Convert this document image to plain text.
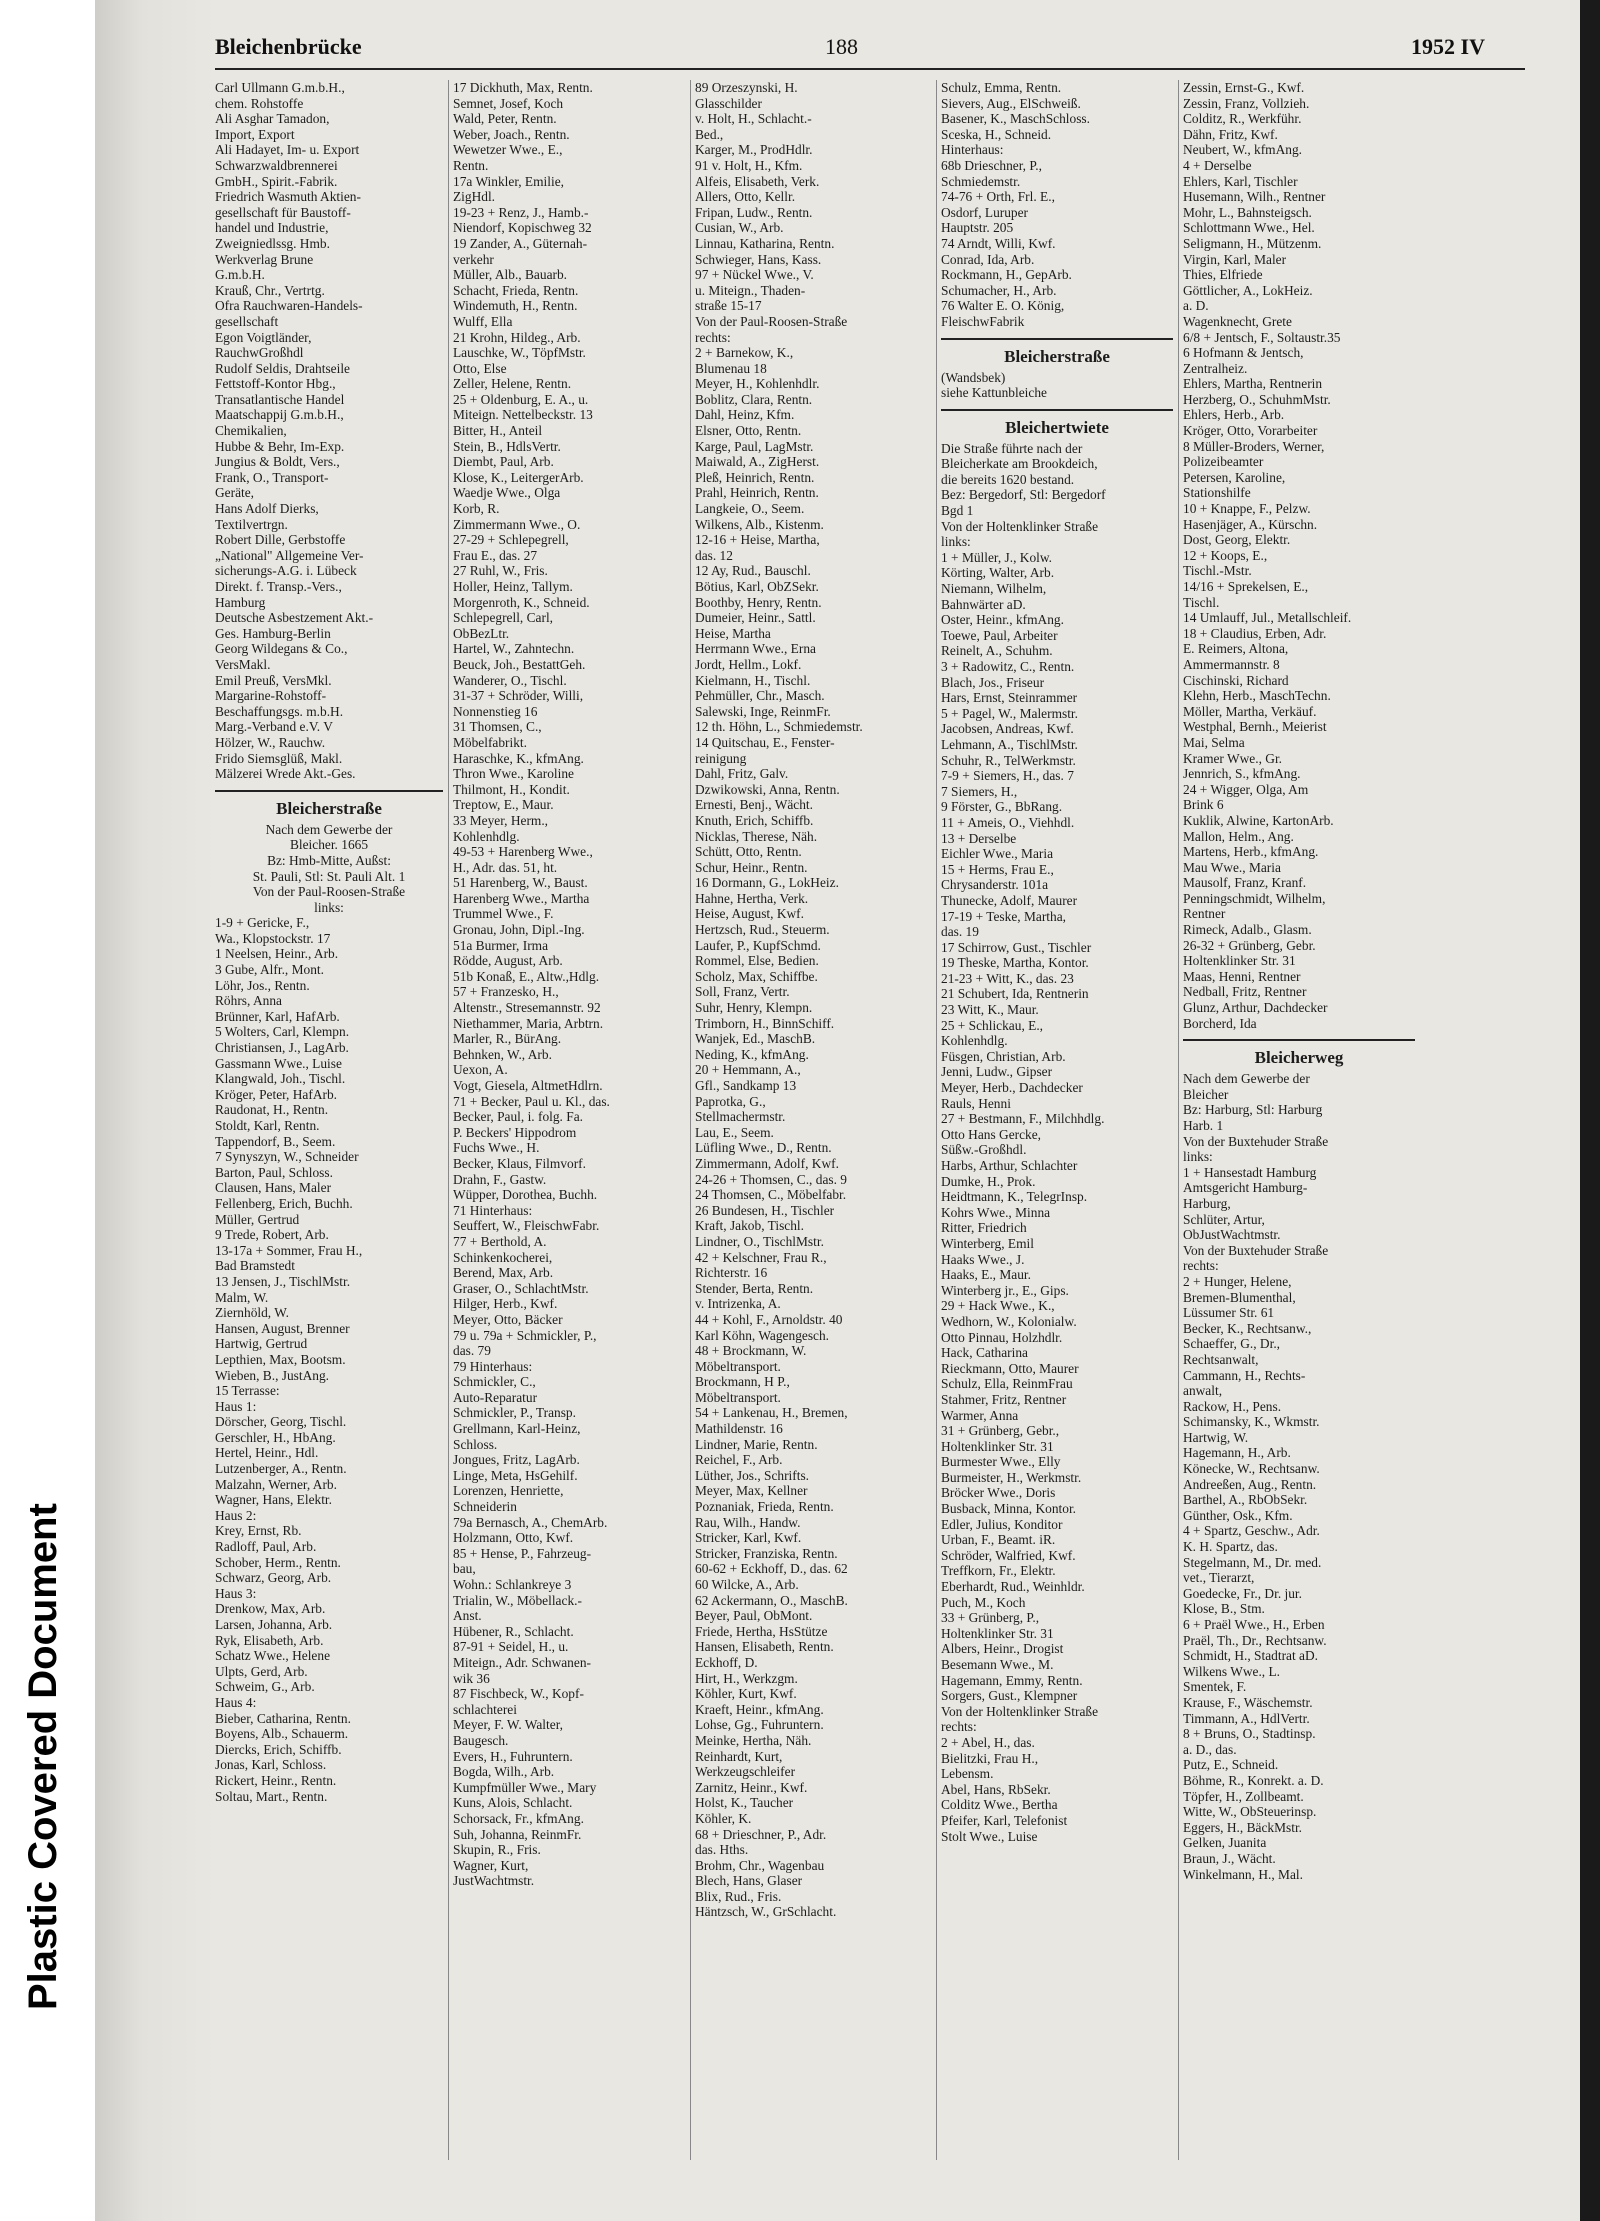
Plastic Covered Document
Bleichenbrücke	188	1952 IV
Carl Ullmann G.m.b.H.,
chem. Rohstoffe
Ali Asghar Tamadon,
Import, Export
Ali Hadayet, Im- u. Export
Schwarzwaldbrennerei
GmbH., Spirit.-Fabrik.
Friedrich Wasmuth Aktien-
gesellschaft für Baustoff-
handel und Industrie,
Zweigniedlssg. Hmb.
Werkverlag Brune
G.m.b.H.
Krauß, Chr., Vertrtg.
Ofra Rauchwaren-Handels-
gesellschaft
Egon Voigtländer,
RauchwGroßhdl
Rudolf Seldis, Drahtseile
Fettstoff-Kontor Hbg.,
Transatlantische Handel
Maatschappij G.m.b.H.,
Chemikalien,
Hubbe & Behr, Im-Exp.
Jungius & Boldt, Vers.,
Frank, O., Transport-
Geräte,
Hans Adolf Dierks,
Textilvertrgn.
Robert Dille, Gerbstoffe
„National" Allgemeine Ver-
sicherungs-A.G. i. Lübeck
Direkt. f. Transp.-Vers.,
Hamburg
Deutsche Asbestzement Akt.-
Ges. Hamburg-Berlin
Georg Wildegans & Co.,
VersMakl.
Emil Preuß, VersMkl.
Margarine-Rohstoff-
Beschaffungsgs. m.b.H.
Marg.-Verband e.V. V
Hölzer, W., Rauchw.
Frido Siemsglüß, Makl.
Mälzerei Wrede Akt.-Ges.
Bleicherstraße
Nach dem Gewerbe der
Bleicher. 1665
Bz: Hmb-Mitte, Außst:
St. Pauli, Stl: St. Pauli Alt. 1
Von der Paul-Roosen-Straße
links:
1-9 + Gericke, F.,
Wa., Klopstockstr. 17
1 Neelsen, Heinr., Arb.
3 Gube, Alfr., Mont.
Löhr, Jos., Rentn.
Röhrs, Anna
Brünner, Karl, HafArb.
5 Wolters, Carl, Klempn.
Christiansen, J., LagArb.
Gassmann Wwe., Luise
Klangwald, Joh., Tischl.
Kröger, Peter, HafArb.
Raudonat, H., Rentn.
Stoldt, Karl, Rentn.
Tappendorf, B., Seem.
7 Synyszyn, W., Schneider
Barton, Paul, Schloss.
Clausen, Hans, Maler
Fellenberg, Erich, Buchh.
Müller, Gertrud
9 Trede, Robert, Arb.
13-17a + Sommer, Frau H.,
Bad Bramstedt
13 Jensen, J., TischlMstr.
Malm, W.
Ziernhöld, W.
Hansen, August, Brenner
Hartwig, Gertrud
Lepthien, Max, Bootsm.
Wieben, B., JustAng.
15 Terrasse:
Haus 1:
Dörscher, Georg, Tischl.
Gerschler, H., HbAng.
Hertel, Heinr., Hdl.
Lutzenberger, A., Rentn.
Malzahn, Werner, Arb.
Wagner, Hans, Elektr.
Haus 2:
Krey, Ernst, Rb.
Radloff, Paul, Arb.
Schober, Herm., Rentn.
Schwarz, Georg, Arb.
Haus 3:
Drenkow, Max, Arb.
Larsen, Johanna, Arb.
Ryk, Elisabeth, Arb.
Schatz Wwe., Helene
Ulpts, Gerd, Arb.
Schweim, G., Arb.
Haus 4:
Bieber, Catharina, Rentn.
Boyens, Alb., Schauerm.
Diercks, Erich, Schiffb.
Jonas, Karl, Schloss.
Rickert, Heinr., Rentn.
Soltau, Mart., Rentn.
17 Dickhuth, Max, Rentn.
Semnet, Josef, Koch
Wald, Peter, Rentn.
Weber, Joach., Rentn.
Wewetzer Wwe., E.,
Rentn.
17a Winkler, Emilie,
ZigHdl.
19-23 + Renz, J., Hamb.-
Niendorf, Kopischweg 32
19 Zander, A., Güternah-
verkehr
Müller, Alb., Bauarb.
Schacht, Frieda, Rentn.
Windemuth, H., Rentn.
Wulff, Ella
21 Krohn, Hildeg., Arb.
Lauschke, W., TöpfMstr.
Otto, Else
Zeller, Helene, Rentn.
25 + Oldenburg, E. A., u.
Miteign. Nettelbeckstr. 13
Bitter, H., Anteil
Stein, B., HdlsVertr.
Diembt, Paul, Arb.
Klose, K., LeitergerArb.
Waedje Wwe., Olga
Korb, R.
Zimmermann Wwe., O.
27-29 + Schlepegrell,
Frau E., das. 27
27 Ruhl, W., Fris.
Holler, Heinz, Tallym.
Morgenroth, K., Schneid.
Schlepegrell, Carl,
ObBezLtr.
Hartel, W., Zahntechn.
Beuck, Joh., BestattGeh.
Wanderer, O., Tischl.
31-37 + Schröder, Willi,
Nonnenstieg 16
31 Thomsen, C.,
Möbelfabrikt.
Haraschke, K., kfmAng.
Thron Wwe., Karoline
Thilmont, H., Kondit.
Treptow, E., Maur.
33 Meyer, Herm.,
Kohlenhdlg.
49-53 + Harenberg Wwe.,
H., Adr. das. 51, ht.
51 Harenberg, W., Baust.
Harenberg Wwe., Martha
Trummel Wwe., F.
Gronau, John, Dipl.-Ing.
51a Burmer, Irma
Rödde, August, Arb.
51b Konaß, E., Altw.,Hdlg.
57 + Franzesko, H.,
Altenstr., Stresemannstr. 92
Niethammer, Maria, Arbtrn.
Marler, R., BürAng.
Behnken, W., Arb.
Uexon, A.
Vogt, Giesela, AltmetHdlrn.
71 + Becker, Paul u. Kl., das.
Becker, Paul, i. folg. Fa.
P. Beckers' Hippodrom
Fuchs Wwe., H.
Becker, Klaus, Filmvorf.
Drahn, F., Gastw.
Wüpper, Dorothea, Buchh.
71 Hinterhaus:
Seuffert, W., FleischwFabr.
77 + Berthold, A.
Schinkenkocherei,
Berend, Max, Arb.
Graser, O., SchlachtMstr.
Hilger, Herb., Kwf.
Meyer, Otto, Bäcker
79 u. 79a + Schmickler, P.,
das. 79
79 Hinterhaus:
Schmickler, C.,
Auto-Reparatur
Schmickler, P., Transp.
Grellmann, Karl-Heinz,
Schloss.
Jongues, Fritz, LagArb.
Linge, Meta, HsGehilf.
Lorenzen, Henriette,
Schneiderin
79a Bernasch, A., ChemArb.
Holzmann, Otto, Kwf.
85 + Hense, P., Fahrzeug-
bau,
Wohn.: Schlankreye 3
Trialin, W., Möbellack.-
Anst.
Hübener, R., Schlacht.
87-91 + Seidel, H., u.
Miteign., Adr. Schwanen-
wik 36
87 Fischbeck, W., Kopf-
schlachterei
Meyer, F. W. Walter,
Baugesch.
Evers, H., Fuhruntern.
Bogda, Wilh., Arb.
Kumpfmüller Wwe., Mary
Kuns, Alois, Schlacht.
Schorsack, Fr., kfmAng.
Suh, Johanna, ReinmFr.
Skupin, R., Fris.
Wagner, Kurt,
JustWachtmstr.
89 Orzeszynski, H.
Glasschilder
v. Holt, H., Schlacht.-
Bed.,
Karger, M., ProdHdlr.
91 v. Holt, H., Kfm.
Alfeis, Elisabeth, Verk.
Allers, Otto, Kellr.
Fripan, Ludw., Rentn.
Cusian, W., Arb.
Linnau, Katharina, Rentn.
Schwieger, Hans, Kass.
97 + Nückel Wwe., V.
u. Miteign., Thaden-
straße 15-17
Von der Paul-Roosen-Straße
rechts:
2 + Barnekow, K.,
Blumenau 18
Meyer, H., Kohlenhdlr.
Boblitz, Clara, Rentn.
Dahl, Heinz, Kfm.
Elsner, Otto, Rentn.
Karge, Paul, LagMstr.
Maiwald, A., ZigHerst.
Pleß, Heinrich, Rentn.
Prahl, Heinrich, Rentn.
Langkeie, O., Seem.
Wilkens, Alb., Kistenm.
12-16 + Heise, Martha,
das. 12
12 Ay, Rud., Bauschl.
Bötius, Karl, ObZSekr.
Boothby, Henry, Rentn.
Dumeier, Heinr., Sattl.
Heise, Martha
Herrmann Wwe., Erna
Jordt, Hellm., Lokf.
Kielmann, H., Tischl.
Pehmüller, Chr., Masch.
Salewski, Inge, ReinmFr.
12 th. Höhn, L., Schmiedemstr.
14 Quitschau, E., Fenster-
reinigung
Dahl, Fritz, Galv.
Dzwikowski, Anna, Rentn.
Ernesti, Benj., Wächt.
Knuth, Erich, Schiffb.
Nicklas, Therese, Näh.
Schütt, Otto, Rentn.
Schur, Heinr., Rentn.
16 Dormann, G., LokHeiz.
Hahne, Hertha, Verk.
Heise, August, Kwf.
Hertzsch, Rud., Steuerm.
Laufer, P., KupfSchmd.
Rommel, Else, Bedien.
Scholz, Max, Schiffbe.
Soll, Franz, Vertr.
Suhr, Henry, Klempn.
Trimborn, H., BinnSchiff.
Wanjek, Ed., MaschB.
Neding, K., kfmAng.
20 + Hemmann, A.,
Gfl., Sandkamp 13
Paprotka, G.,
Stellmachermstr.
Lau, E., Seem.
Lüfling Wwe., D., Rentn.
Zimmermann, Adolf, Kwf.
24-26 + Thomsen, C., das. 9
24 Thomsen, C., Möbelfabr.
26 Bundesen, H., Tischler
Kraft, Jakob, Tischl.
Lindner, O., TischlMstr.
42 + Kelschner, Frau R.,
Richterstr. 16
Stender, Berta, Rentn.
v. Intrizenka, A.
44 + Kohl, F., Arnoldstr. 40
Karl Köhn, Wagengesch.
48 + Brockmann, W.
Möbeltransport.
Brockmann, H P.,
Möbeltransport.
54 + Lankenau, H., Bremen,
Mathildenstr. 16
Lindner, Marie, Rentn.
Reichel, F., Arb.
Lüther, Jos., Schrifts.
Meyer, Max, Kellner
Poznaniak, Frieda, Rentn.
Rau, Wilh., Handw.
Stricker, Karl, Kwf.
Stricker, Franziska, Rentn.
60-62 + Eckhoff, D., das. 62
60 Wilcke, A., Arb.
62 Ackermann, O., MaschB.
Beyer, Paul, ObMont.
Friede, Hertha, HsStütze
Hansen, Elisabeth, Rentn.
Eckhoff, D.
Hirt, H., Werkzgm.
Köhler, Kurt, Kwf.
Kraeft, Heinr., kfmAng.
Lohse, Gg., Fuhruntern.
Meinke, Hertha, Näh.
Reinhardt, Kurt,
Werkzeugschleifer
Zarnitz, Heinr., Kwf.
Holst, K., Taucher
Köhler, K.
68 + Drieschner, P., Adr.
das. Hths.
Brohm, Chr., Wagenbau
Blech, Hans, Glaser
Blix, Rud., Fris.
Häntzsch, W., GrSchlacht.
Schulz, Emma, Rentn.
Sievers, Aug., ElSchweiß.
Basener, K., MaschSchloss.
Sceska, H., Schneid.
Hinterhaus:
68b Drieschner, P.,
Schmiedemstr.
74-76 + Orth, Frl. E.,
Osdorf, Luruper
Hauptstr. 205
74 Arndt, Willi, Kwf.
Conrad, Ida, Arb.
Rockmann, H., GepArb.
Schumacher, H., Arb.
76 Walter E. O. König,
FleischwFabrik
Bleicherstraße
(Wandsbek)
siehe Kattunbleiche
Bleichertwiete
Die Straße führte nach der
Bleicherkate am Brookdeich,
die bereits 1620 bestand.
Bez: Bergedorf, Stl: Bergedorf
Bgd 1
Von der Holtenklinker Straße
links:
1 + Müller, J., Kolw.
Körting, Walter, Arb.
Niemann, Wilhelm,
Bahnwärter aD.
Oster, Heinr., kfmAng.
Toewe, Paul, Arbeiter
Reinelt, A., Schuhm.
3 + Radowitz, C., Rentn.
Blach, Jos., Friseur
Hars, Ernst, Steinrammer
5 + Pagel, W., Malermstr.
Jacobsen, Andreas, Kwf.
Lehmann, A., TischlMstr.
Schuhr, R., TelWerkmstr.
7-9 + Siemers, H., das. 7
7 Siemers, H.,
9 Förster, G., BbRang.
11 + Ameis, O., Viehhdl.
13 + Derselbe
Eichler Wwe., Maria
15 + Herms, Frau E.,
Chrysanderstr. 101a
Thunecke, Adolf, Maurer
17-19 + Teske, Martha,
das. 19
17 Schirrow, Gust., Tischler
19 Theske, Martha, Kontor.
21-23 + Witt, K., das. 23
21 Schubert, Ida, Rentnerin
23 Witt, K., Maur.
25 + Schlickau, E.,
Kohlenhdlg.
Füsgen, Christian, Arb.
Jenni, Ludw., Gipser
Meyer, Herb., Dachdecker
Rauls, Henni
27 + Bestmann, F., Milchhdlg.
Otto Hans Gercke,
Süßw.-Großhdl.
Harbs, Arthur, Schlachter
Dumke, H., Prok.
Heidtmann, K., TelegrInsp.
Kohrs Wwe., Minna
Ritter, Friedrich
Winterberg, Emil
Haaks Wwe., J.
Haaks, E., Maur.
Winterberg jr., E., Gips.
29 + Hack Wwe., K.,
Wedhorn, W., Kolonialw.
Otto Pinnau, Holzhdlr.
Hack, Catharina
Rieckmann, Otto, Maurer
Schulz, Ella, ReinmFrau
Stahmer, Fritz, Rentner
Warmer, Anna
31 + Grünberg, Gebr.,
Holtenklinker Str. 31
Burmester Wwe., Elly
Burmeister, H., Werkmstr.
Bröcker Wwe., Doris
Busback, Minna, Kontor.
Edler, Julius, Konditor
Urban, F., Beamt. iR.
Schröder, Walfried, Kwf.
Treffkorn, Fr., Elektr.
Eberhardt, Rud., Weinhldr.
Puch, M., Koch
33 + Grünberg, P.,
Holtenklinker Str. 31
Albers, Heinr., Drogist
Besemann Wwe., M.
Hagemann, Emmy, Rentn.
Sorgers, Gust., Klempner
Von der Holtenklinker Straße
rechts:
2 + Abel, H., das.
Bielitzki, Frau H.,
Lebensm.
Abel, Hans, RbSekr.
Colditz Wwe., Bertha
Pfeifer, Karl, Telefonist
Stolt Wwe., Luise
Zessin, Ernst-G., Kwf.
Zessin, Franz, Vollzieh.
Colditz, R., Werkführ.
Dähn, Fritz, Kwf.
Neubert, W., kfmAng.
4 + Derselbe
Ehlers, Karl, Tischler
Husemann, Wilh., Rentner
Mohr, L., Bahnsteigsch.
Schlottmann Wwe., Hel.
Seligmann, H., Mützenm.
Virgin, Karl, Maler
Thies, Elfriede
Göttlicher, A., LokHeiz.
a. D.
Wagenknecht, Grete
6/8 + Jentsch, F., Soltaustr.35
6 Hofmann & Jentsch,
Zentralheiz.
Ehlers, Martha, Rentnerin
Herzberg, O., SchuhmMstr.
Ehlers, Herb., Arb.
Kröger, Otto, Vorarbeiter
8 Müller-Broders, Werner,
Polizeibeamter
Petersen, Karoline,
Stationshilfe
10 + Knappe, F., Pelzw.
Hasenjäger, A., Kürschn.
Dost, Georg, Elektr.
12 + Koops, E.,
Tischl.-Mstr.
14/16 + Sprekelsen, E.,
Tischl.
14 Umlauff, Jul., Metallschleif.
18 + Claudius, Erben, Adr.
E. Reimers, Altona,
Ammermannstr. 8
Cischinski, Richard
Klehn, Herb., MaschTechn.
Möller, Martha, Verkäuf.
Westphal, Bernh., Meierist
Mai, Selma
Kramer Wwe., Gr.
Jennrich, S., kfmAng.
24 + Wigger, Olga, Am
Brink 6
Kuklik, Alwine, KartonArb.
Mallon, Helm., Ang.
Martens, Herb., kfmAng.
Mau Wwe., Maria
Mausolf, Franz, Kranf.
Penningschmidt, Wilhelm,
Rentner
Rimeck, Adalb., Glasm.
26-32 + Grünberg, Gebr.
Holtenklinker Str. 31
Maas, Henni, Rentner
Nedball, Fritz, Rentner
Glunz, Arthur, Dachdecker
Borcherd, Ida
Bleicherweg
Nach dem Gewerbe der
Bleicher
Bz: Harburg, Stl: Harburg
Harb. 1
Von der Buxtehuder Straße
links:
1 + Hansestadt Hamburg
Amtsgericht Hamburg-
Harburg,
Schlüter, Artur,
ObJustWachtmstr.
Von der Buxtehuder Straße
rechts:
2 + Hunger, Helene,
Bremen-Blumenthal,
Lüssumer Str. 61
Becker, K., Rechtsanw.,
Schaeffer, G., Dr.,
Rechtsanwalt,
Cammann, H., Rechts-
anwalt,
Rackow, H., Pens.
Schimansky, K., Wkmstr.
Hartwig, W.
Hagemann, H., Arb.
Könecke, W., Rechtsanw.
Andreeßen, Aug., Rentn.
Barthel, A., RbObSekr.
Günther, Osk., Kfm.
4 + Spartz, Geschw., Adr.
K. H. Spartz, das.
Stegelmann, M., Dr. med.
vet., Tierarzt,
Goedecke, Fr., Dr. jur.
Klose, B., Stm.
6 + Praël Wwe., H., Erben
Praël, Th., Dr., Rechtsanw.
Schmidt, H., Stadtrat aD.
Wilkens Wwe., L.
Smentek, F.
Krause, F., Wäschemstr.
Timmann, A., HdlVertr.
8 + Bruns, O., Stadtinsp.
a. D., das.
Putz, E., Schneid.
Böhme, R., Konrekt. a. D.
Töpfer, H., Zollbeamt.
Witte, W., ObSteuerinsp.
Eggers, H., BäckMstr.
Gelken, Juanita
Braun, J., Wächt.
Winkelmann, H., Mal.
